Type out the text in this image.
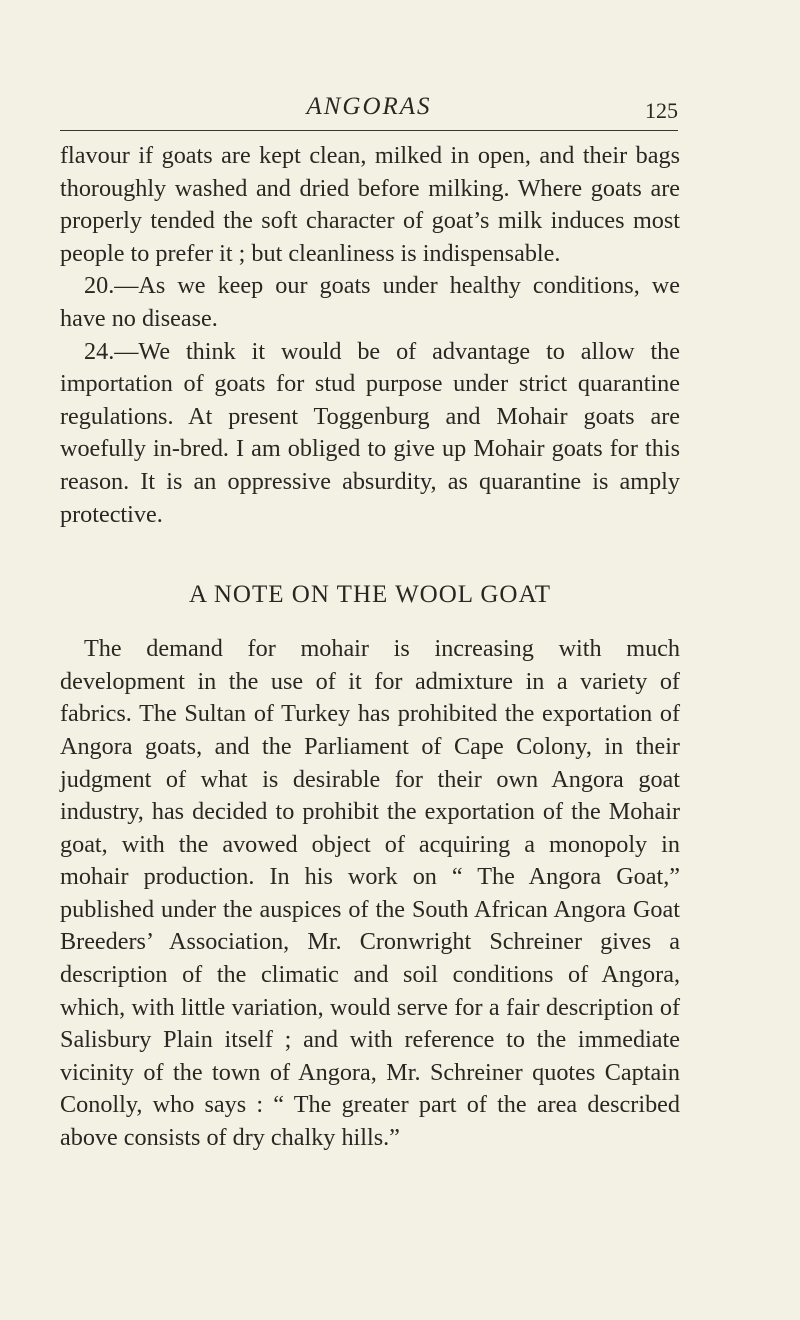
ANGORAS	125

flavour if goats are kept clean, milked in open, and their bags thoroughly washed and dried before milking. Where goats are properly tended the soft character of goat’s milk induces most people to prefer it ; but cleanliness is indispensable.

20.—As we keep our goats under healthy conditions, we have no disease.

24.—We think it would be of advantage to allow the importation of goats for stud purpose under strict quarantine regulations. At present Toggenburg and Mohair goats are woefully in-bred. I am obliged to give up Mohair goats for this reason. It is an oppressive absurdity, as quarantine is amply protective.

A NOTE ON THE WOOL GOAT

The demand for mohair is increasing with much development in the use of it for admixture in a variety of fabrics. The Sultan of Turkey has prohibited the exportation of Angora goats, and the Parliament of Cape Colony, in their judgment of what is desirable for their own Angora goat industry, has decided to prohibit the exportation of the Mohair goat, with the avowed object of acquiring a monopoly in mohair production. In his work on “ The Angora Goat,” published under the auspices of the South African Angora Goat Breeders’ Association, Mr. Cronwright Schreiner gives a description of the climatic and soil conditions of Angora, which, with little variation, would serve for a fair description of Salisbury Plain itself ; and with reference to the immediate vicinity of the town of Angora, Mr. Schreiner quotes Captain Conolly, who says : “ The greater part of the area described above consists of dry chalky hills.”
